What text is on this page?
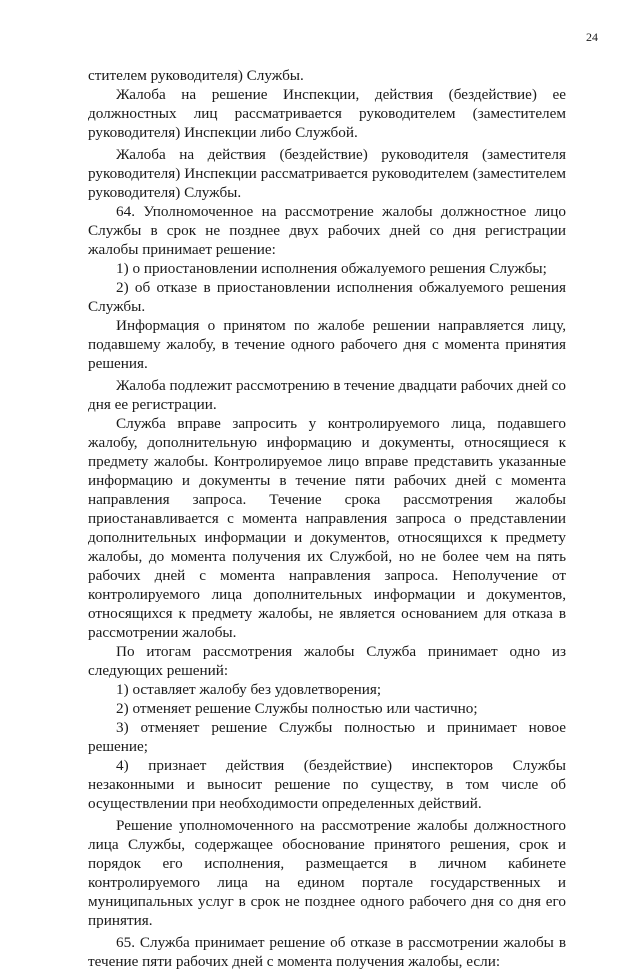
24

стителем руководителя) Службы.

Жалоба на решение Инспекции, действия (бездействие) ее должностных лиц рассматривается руководителем (заместителем руководителя) Инспекции либо Службой.

Жалоба на действия (бездействие) руководителя (заместителя руководителя) Инспекции рассматривается руководителем (заместителем руководителя) Службы.

64. Уполномоченное на рассмотрение жалобы должностное лицо Службы в срок не позднее двух рабочих дней со дня регистрации жалобы принимает решение:

1) о приостановлении исполнения обжалуемого решения Службы;

2) об отказе в приостановлении исполнения обжалуемого решения Службы.

Информация о принятом по жалобе решении направляется лицу, подавшему жалобу, в течение одного рабочего дня с момента принятия решения.

Жалоба подлежит рассмотрению в течение двадцати рабочих дней со дня ее регистрации.

Служба вправе запросить у контролируемого лица, подавшего жалобу, дополнительную информацию и документы, относящиеся к предмету жалобы. Контролируемое лицо вправе представить указанные информацию и документы в течение пяти рабочих дней с момента направления запроса. Течение срока рассмотрения жалобы приостанавливается с момента направления запроса о представлении дополнительных информации и документов, относящихся к предмету жалобы, до момента получения их Службой, но не более чем на пять рабочих дней с момента направления запроса. Неполучение от контролируемого лица дополнительных информации и документов, относящихся к предмету жалобы, не является основанием для отказа в рассмотрении жалобы.

По итогам рассмотрения жалобы Служба принимает одно из следующих решений:

1) оставляет жалобу без удовлетворения;

2) отменяет решение Службы полностью или частично;

3) отменяет решение Службы полностью и принимает новое решение;

4) признает действия (бездействие) инспекторов Службы незаконными и выносит решение по существу, в том числе об осуществлении при необходимости определенных действий.

Решение уполномоченного на рассмотрение жалобы должностного лица Службы, содержащее обоснование принятого решения, срок и порядок его исполнения, размещается в личном кабинете контролируемого лица на едином портале государственных и муниципальных услуг в срок не позднее одного рабочего дня со дня его принятия.

65. Служба принимает решение об отказе в рассмотрении жалобы в течение пяти рабочих дней с момента получения жалобы, если:
